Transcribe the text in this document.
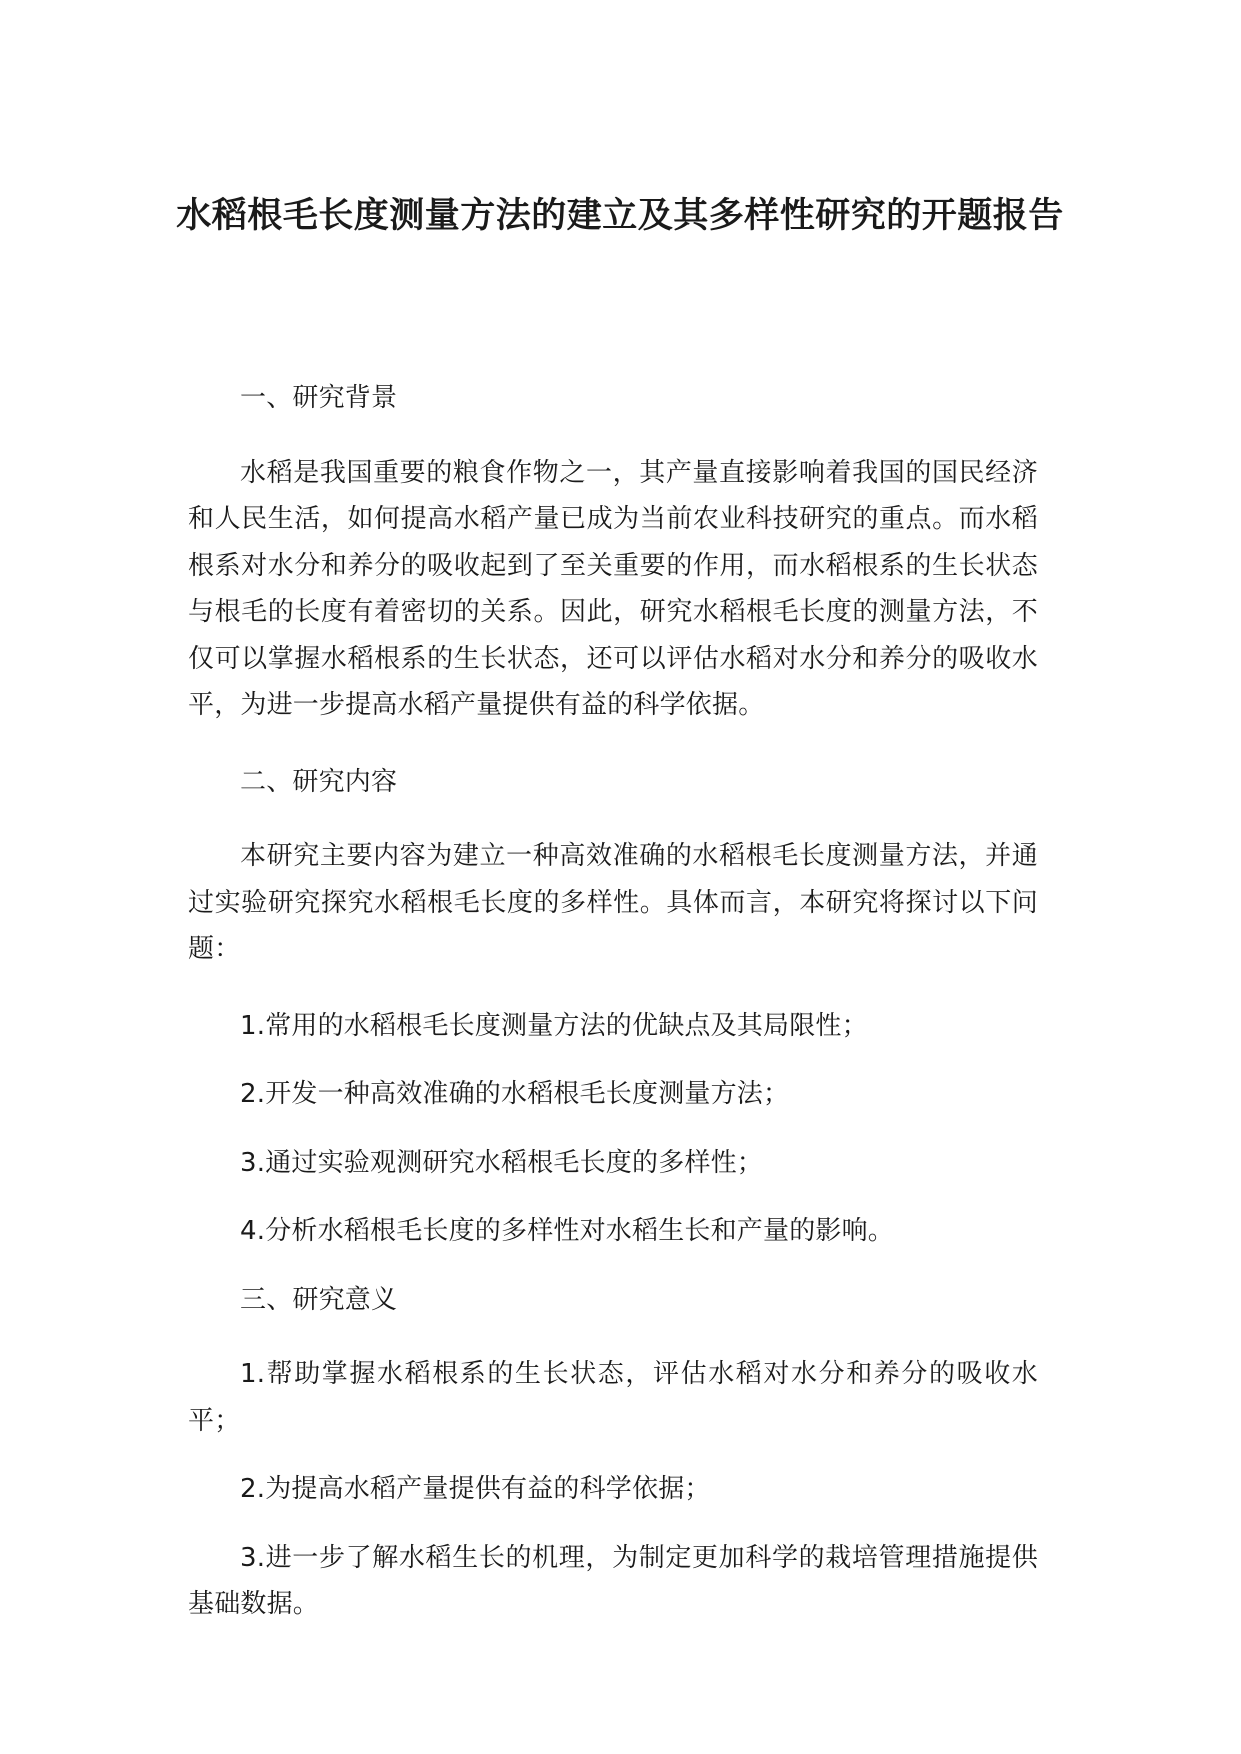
水稻根毛长度测量方法的建立及其多样性研究的开题报告

一、研究背景

水稻是我国重要的粮食作物之一，其产量直接影响着我国的国民经济和人民生活，如何提高水稻产量已成为当前农业科技研究的重点。而水稻根系对水分和养分的吸收起到了至关重要的作用，而水稻根系的生长状态与根毛的长度有着密切的关系。因此，研究水稻根毛长度的测量方法，不仅可以掌握水稻根系的生长状态，还可以评估水稻对水分和养分的吸收水平，为进一步提高水稻产量提供有益的科学依据。

二、研究内容

本研究主要内容为建立一种高效准确的水稻根毛长度测量方法，并通过实验研究探究水稻根毛长度的多样性。具体而言，本研究将探讨以下问题：

1.常用的水稻根毛长度测量方法的优缺点及其局限性；

2.开发一种高效准确的水稻根毛长度测量方法；

3.通过实验观测研究水稻根毛长度的多样性；

4.分析水稻根毛长度的多样性对水稻生长和产量的影响。

三、研究意义

1.帮助掌握水稻根系的生长状态，评估水稻对水分和养分的吸收水平；

2.为提高水稻产量提供有益的科学依据；

3.进一步了解水稻生长的机理，为制定更加科学的栽培管理措施提供基础数据。
